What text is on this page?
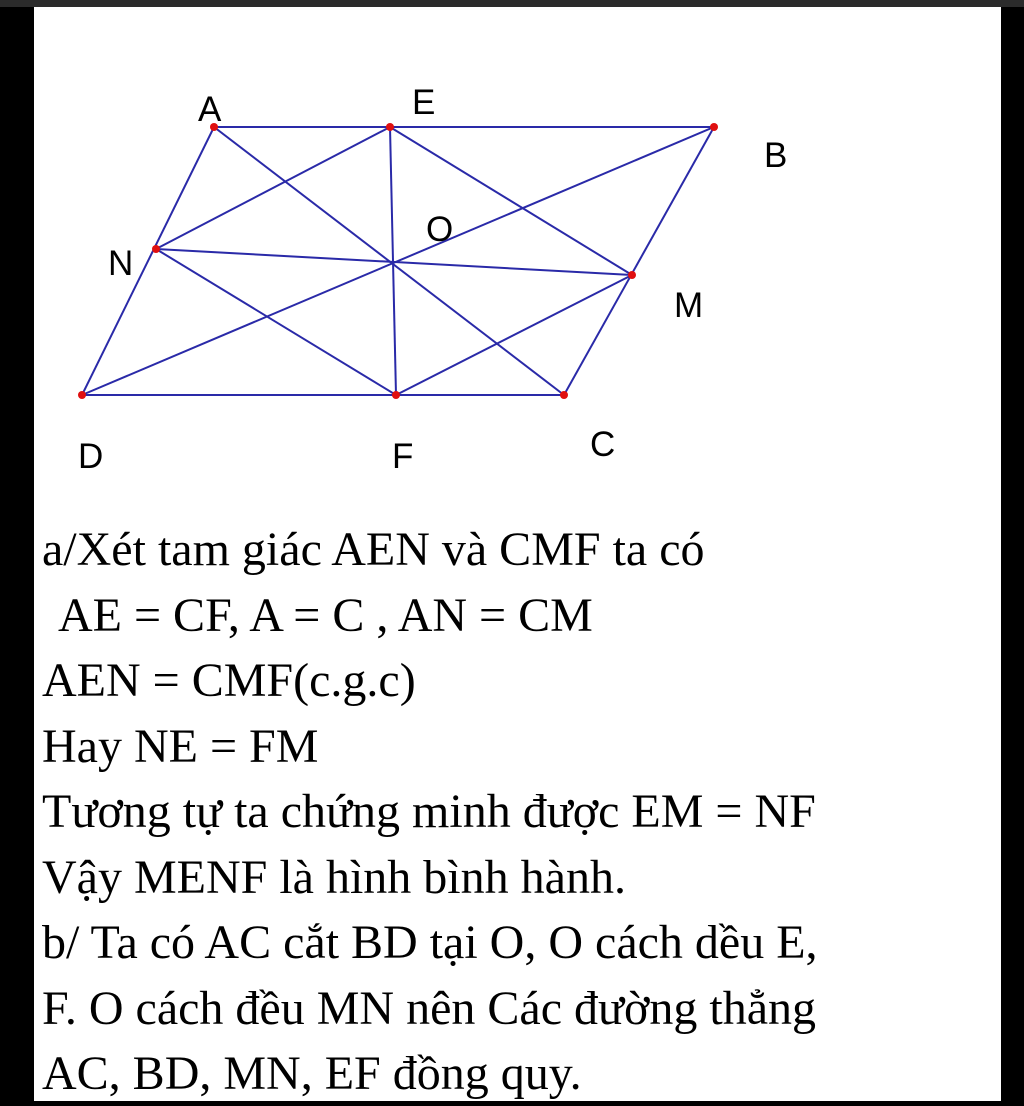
A	E
B
N
O
M
D	F	C
a/Xét tam giác AEN và CMF ta có
AE = CF, A = C , AN = CM
AEN = CMF(c.g.c)
Hay NE = FM
Tương tự ta chứng minh được EM = NF
Vậy MENF là hình bình hành.
b/ Ta có AC cắt BD tại O, O cách dều E,
F. O cách đều MN nên Các đường thẳng
AC, BD, MN, EF đồng quy.
